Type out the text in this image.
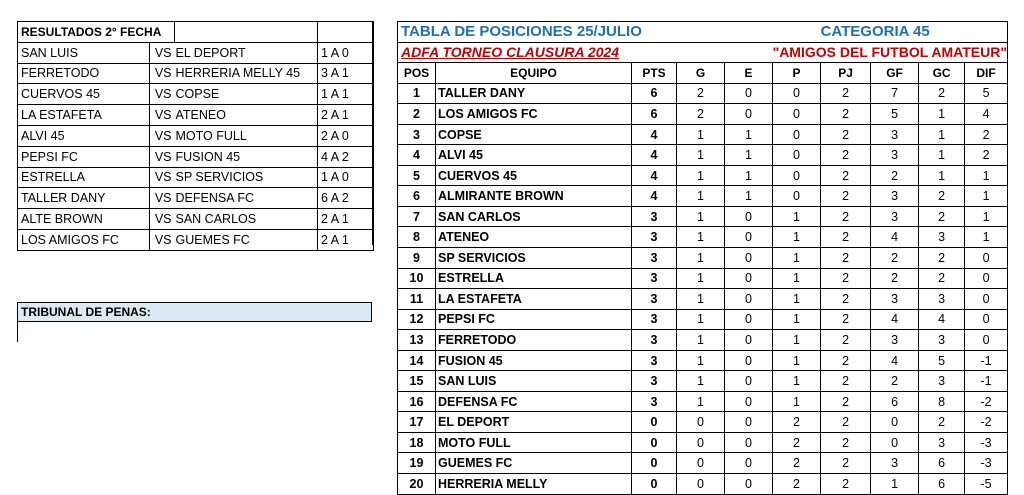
RESULTADOS 2° FECHA			
SAN LUIS	VS	EL DEPORT	1 A 0
FERRETODO	VS	HERRERIA MELLY 45	3 A 1
CUERVOS 45	VS	COPSE	1 A 1
LA ESTAFETA	VS	ATENEO	2 A 1
ALVI 45	VS	MOTO FULL	2 A 0
PEPSI FC	VS	FUSION 45	4 A 2
ESTRELLA	VS	SP SERVICIOS	1 A 0
TALLER DANY	VS	DEFENSA FC	6 A 2
ALTE BROWN	VS	SAN CARLOS	2 A 1
LOS AMIGOS FC	VS	GUEMES FC	2 A 1
TRIBUNAL DE PENAS:
TABLA DE POSICIONES 25/JULIO						CATEGORIA 45			
ADFA TORNEO CLAUSURA 2024					"AMIGOS DEL FUTBOL AMATEUR"				
POS	EQUIPO	PTS	G	E	P	PJ	GF	GC	DIF
1	TALLER DANY	6	2	0	0	2	7	2	5
2	LOS AMIGOS FC	6	2	0	0	2	5	1	4
3	COPSE	4	1	1	0	2	3	1	2
4	ALVI 45	4	1	1	0	2	3	1	2
5	CUERVOS 45	4	1	1	0	2	2	1	1
6	ALMIRANTE BROWN	4	1	1	0	2	3	2	1
7	SAN CARLOS	3	1	0	1	2	3	2	1
8	ATENEO	3	1	0	1	2	4	3	1
9	SP SERVICIOS	3	1	0	1	2	2	2	0
10	ESTRELLA	3	1	0	1	2	2	2	0
11	LA ESTAFETA	3	1	0	1	2	3	3	0
12	PEPSI FC	3	1	0	1	2	4	4	0
13	FERRETODO	3	1	0	1	2	3	3	0
14	FUSION 45	3	1	0	1	2	4	5	-1
15	SAN LUIS	3	1	0	1	2	2	3	-1
16	DEFENSA FC	3	1	0	1	2	6	8	-2
17	EL DEPORT	0	0	0	2	2	0	2	-2
18	MOTO FULL	0	0	0	2	2	0	3	-3
19	GUEMES FC	0	0	0	2	2	3	6	-3
20	HERRERIA MELLY	0	0	0	2	2	1	6	-5
